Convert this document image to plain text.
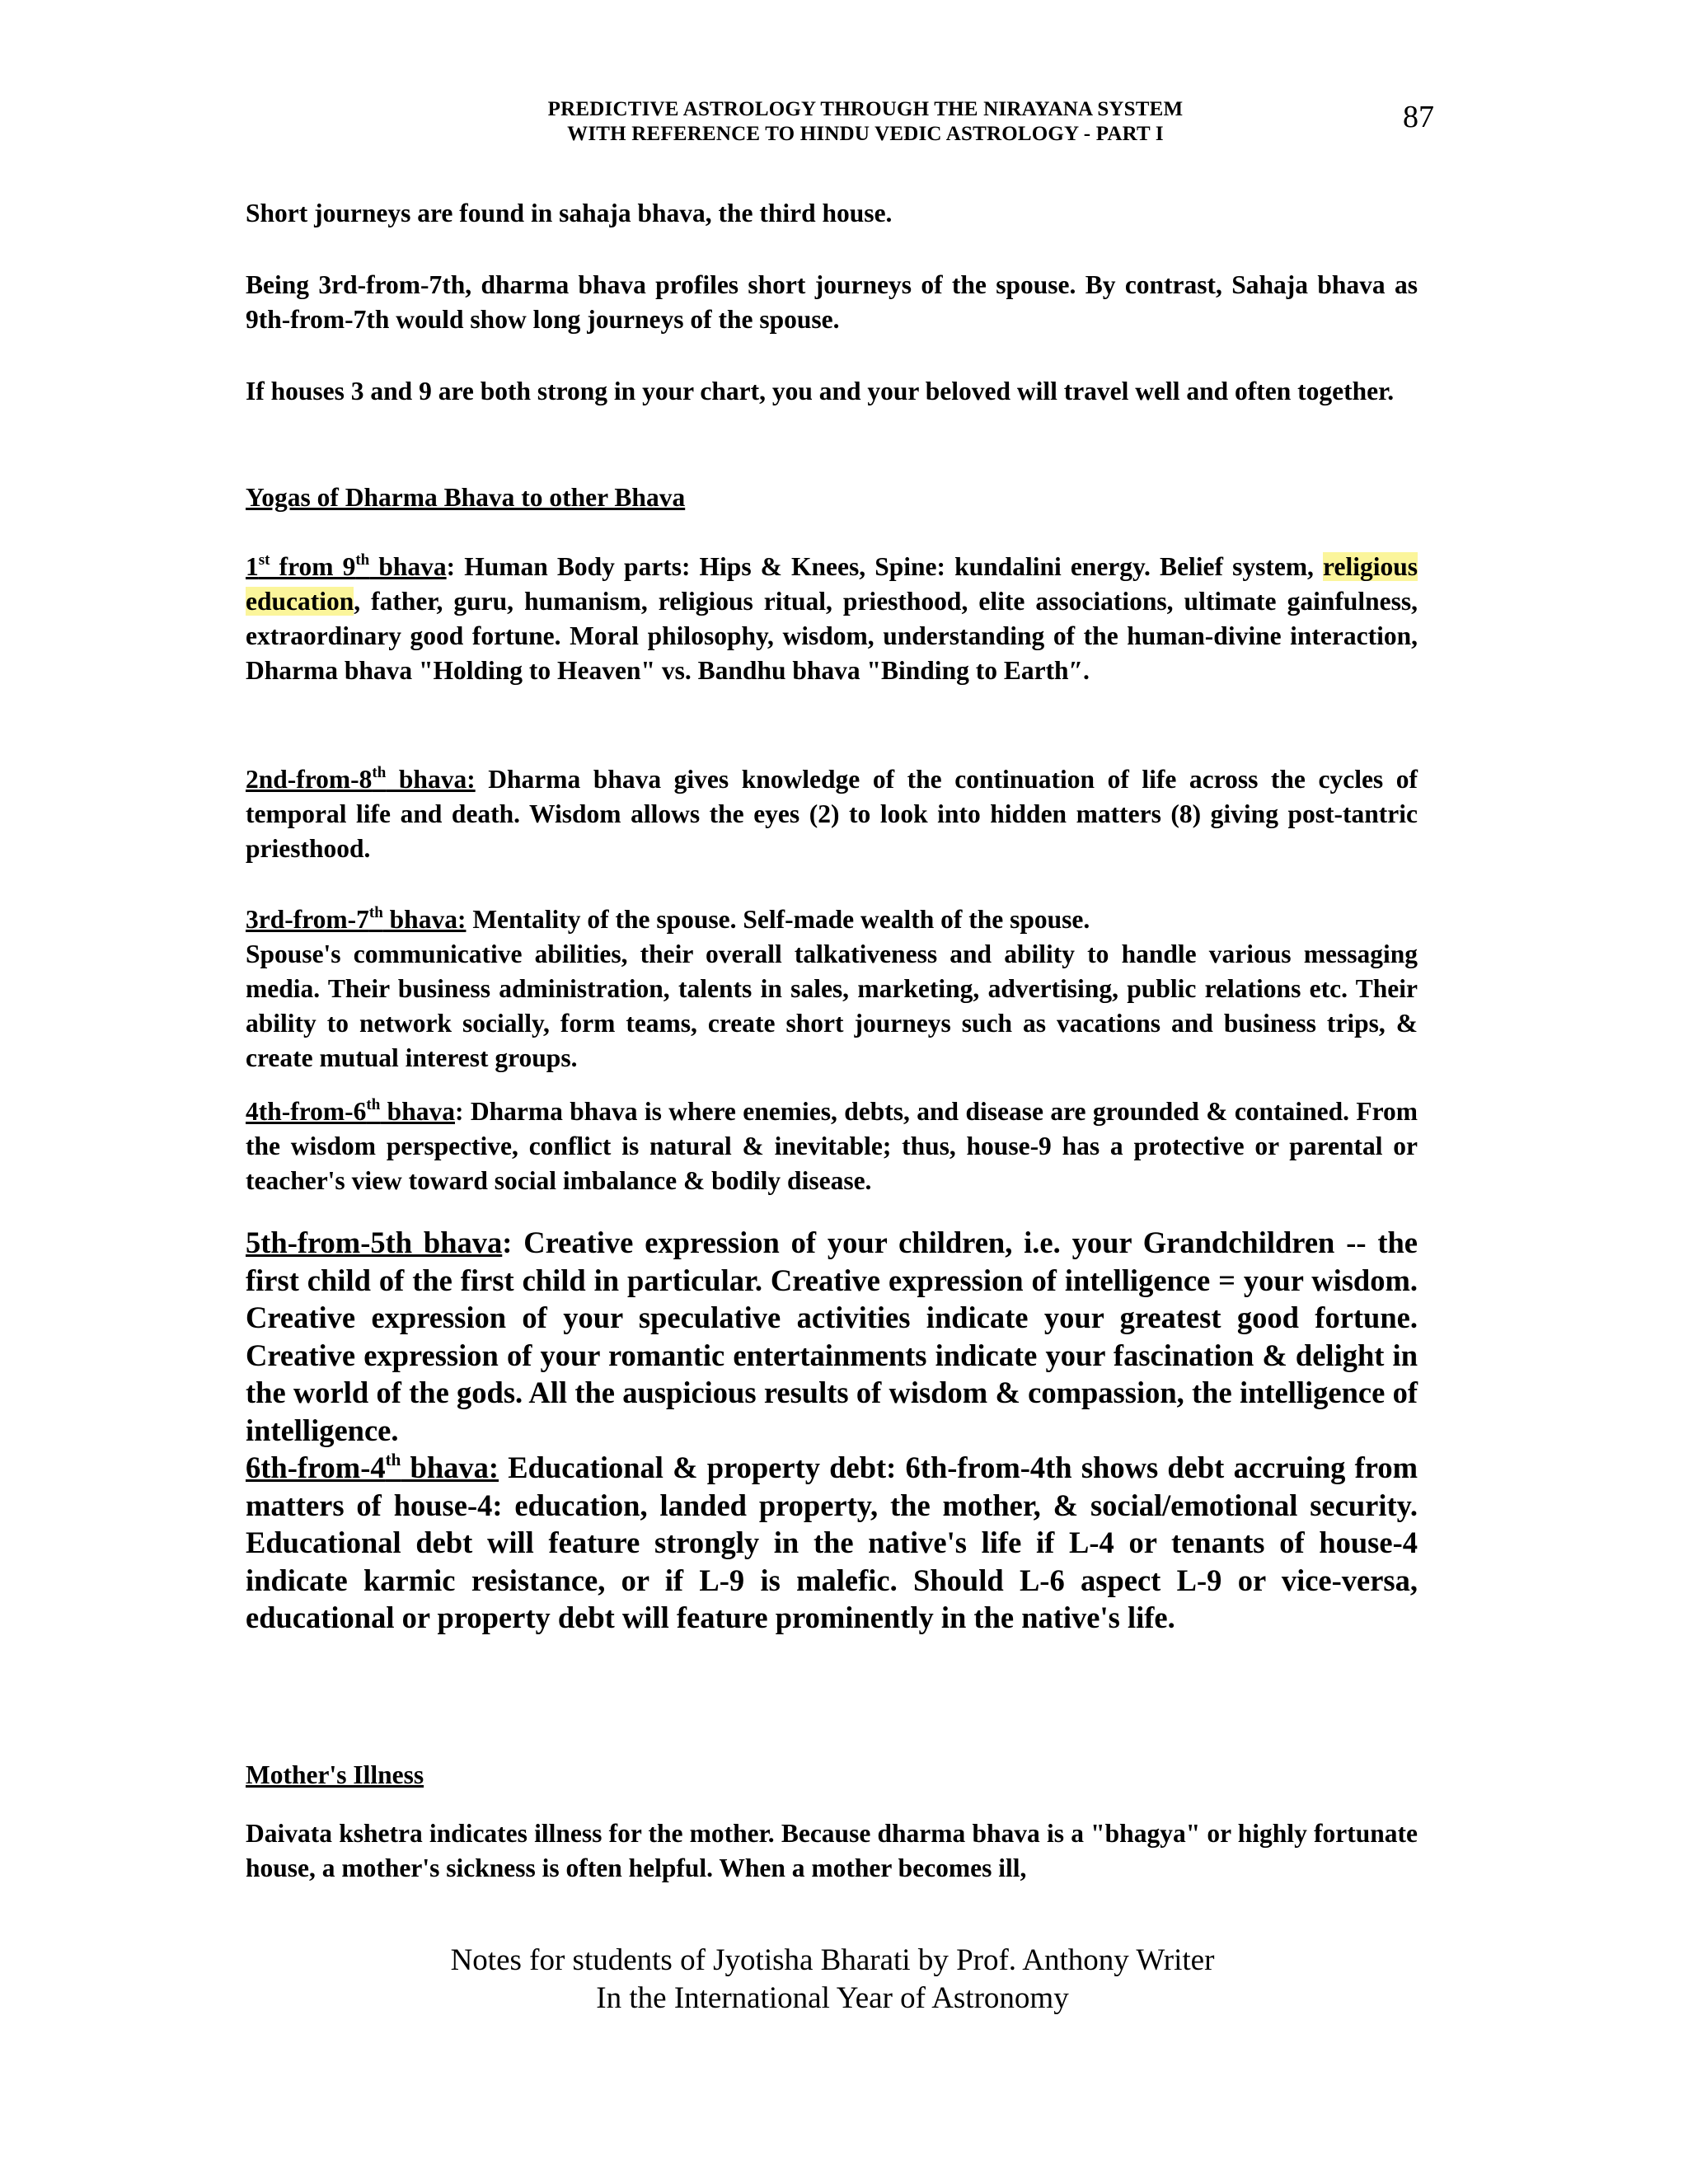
PREDICTIVE ASTROLOGY THROUGH THE NIRAYANA SYSTEM
WITH REFERENCE TO HINDU VEDIC ASTROLOGY - PART I	87

Short journeys are found in sahaja bhava, the third house.

Being 3rd-from-7th, dharma bhava profiles short journeys of the spouse. By contrast, Sahaja bhava as 9th-from-7th would show long journeys of the spouse.

If houses 3 and 9 are both strong in your chart, you and your beloved will travel well and often together.

Yogas of Dharma Bhava to other Bhava

1st from 9th bhava: Human Body parts: Hips & Knees, Spine: kundalini energy. Belief system, religious education, father, guru, humanism, religious ritual, priesthood, elite associations, ultimate gainfulness, extraordinary good fortune. Moral philosophy, wisdom, understanding of the human-divine interaction, Dharma bhava "Holding to Heaven" vs. Bandhu bhava "Binding to Earth″.

2nd-from-8th bhava: Dharma bhava gives knowledge of the continuation of life across the cycles of temporal life and death. Wisdom allows the eyes (2) to look into hidden matters (8) giving post-tantric priesthood.

3rd-from-7th bhava: Mentality of the spouse. Self-made wealth of the spouse.
Spouse's communicative abilities, their overall talkativeness and ability to handle various messaging media. Their business administration, talents in sales, marketing, advertising, public relations etc. Their ability to network socially, form teams, create short journeys such as vacations and business trips, & create mutual interest groups.

4th-from-6th bhava: Dharma bhava is where enemies, debts, and disease are grounded & contained. From the wisdom perspective, conflict is natural & inevitable; thus, house-9 has a protective or parental or teacher's view toward social imbalance & bodily disease.

5th-from-5th bhava: Creative expression of your children, i.e. your Grandchildren -- the first child of the first child in particular. Creative expression of intelligence = your wisdom. Creative expression of your speculative activities indicate your greatest good fortune. Creative expression of your romantic entertainments indicate your fascination & delight in the world of the gods. All the auspicious results of wisdom & compassion, the intelligence of intelligence.

6th-from-4th bhava: Educational & property debt: 6th-from-4th shows debt accruing from matters of house-4: education, landed property, the mother, & social/emotional security. Educational debt will feature strongly in the native's life if L-4 or tenants of house-4 indicate karmic resistance, or if L-9 is malefic. Should L-6 aspect L-9 or vice-versa, educational or property debt will feature prominently in the native's life.

Mother's Illness

Daivata kshetra indicates illness for the mother. Because dharma bhava is a "bhagya" or highly fortunate house, a mother's sickness is often helpful. When a mother becomes ill,

Notes for students of Jyotisha Bharati by Prof. Anthony Writer
In the International Year of Astronomy
